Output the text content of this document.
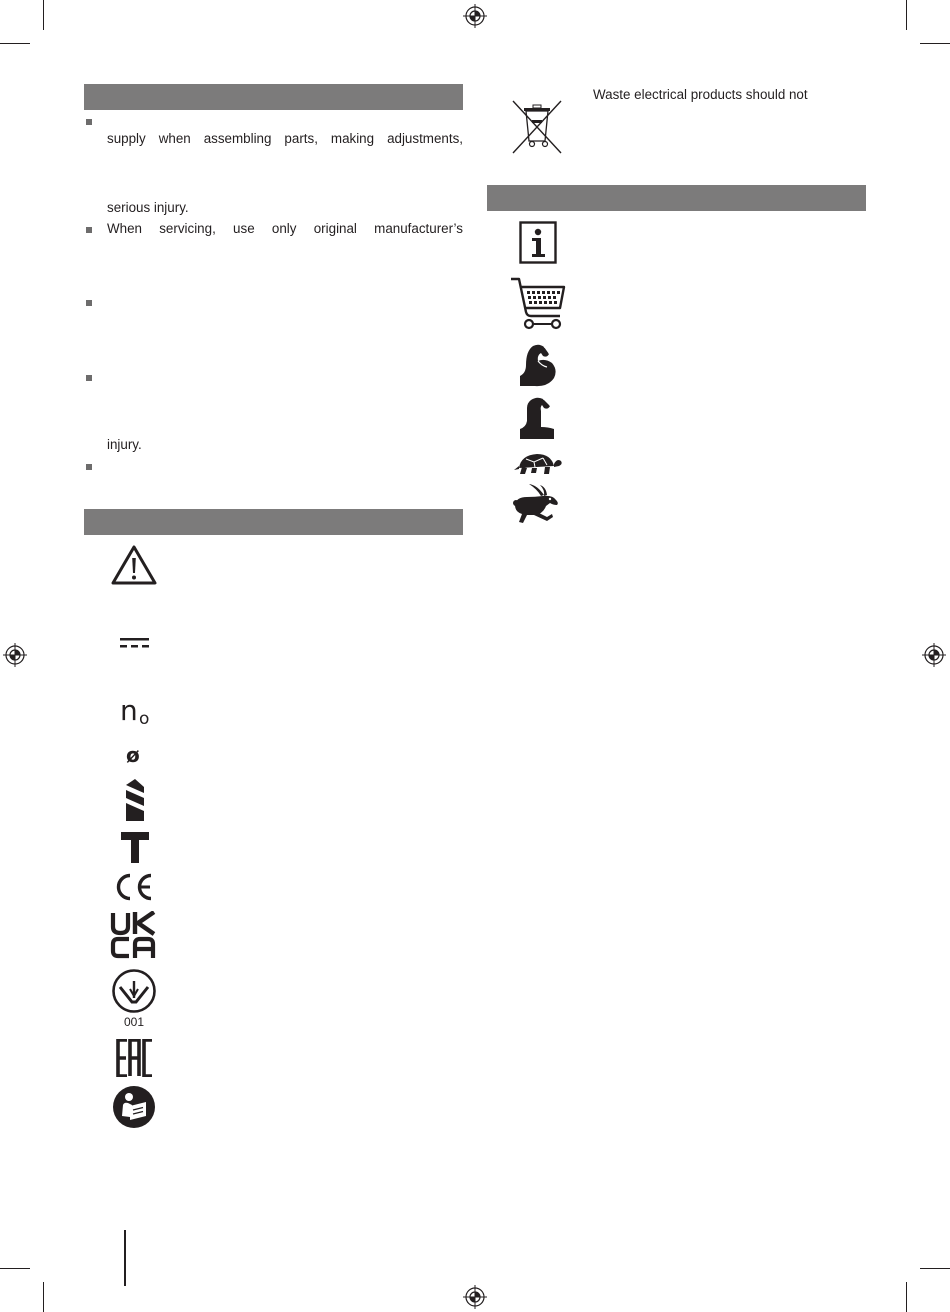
supply when assembling parts, making adjustments,
serious injury.
When servicing, use only original manufacturer’s
injury.
n o
ø
001
Waste electrical products should not
